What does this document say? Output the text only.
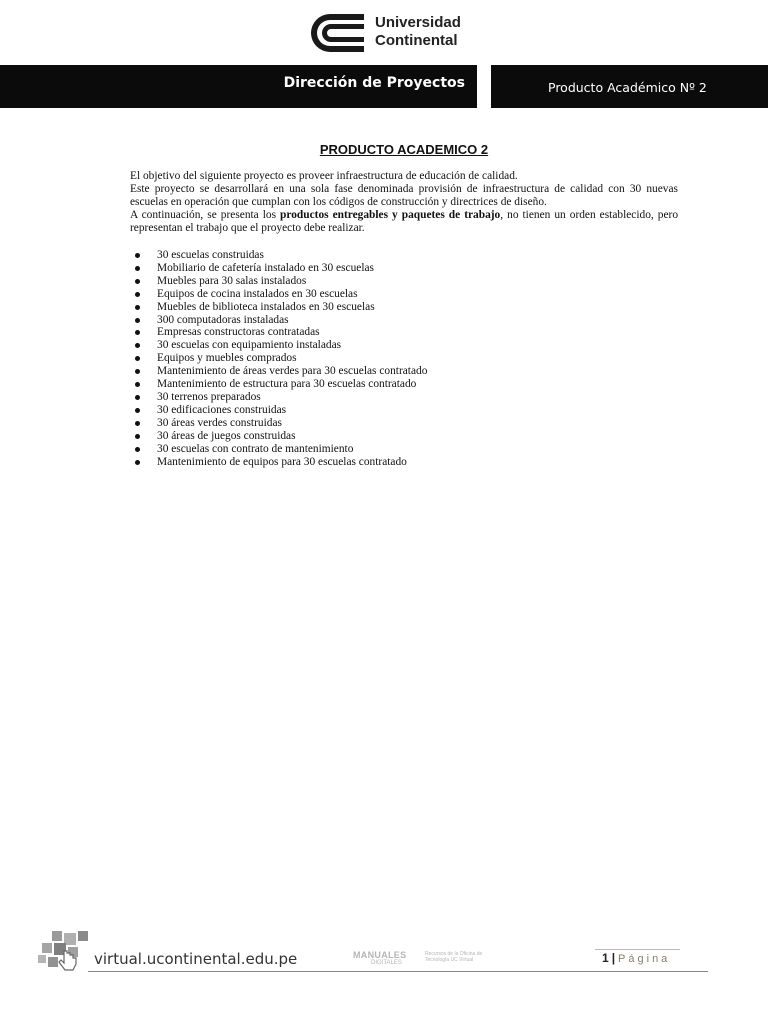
Universidad
Continental
Dirección de Proyectos	Producto Académico Nº 2
PRODUCTO ACADEMICO 2

El objetivo del siguiente proyecto es proveer infraestructura de educación de calidad.

Este proyecto se desarrollará en una sola fase denominada provisión de infraestructura de calidad con 30 nuevas escuelas en operación que cumplan con los códigos de construcción y directrices de diseño.

A continuación, se presenta los productos entregables y paquetes de trabajo, no tienen un orden establecido, pero representan el trabajo que el proyecto debe realizar.

30 escuelas construidas
Mobiliario de cafetería instalado en 30 escuelas
Muebles para 30 salas instalados
Equipos de cocina instalados en 30 escuelas
Muebles de biblioteca instalados en 30 escuelas
300 computadoras instaladas
Empresas constructoras contratadas
30 escuelas con equipamiento instaladas
Equipos y muebles comprados
Mantenimiento de áreas verdes para 30 escuelas contratado
Mantenimiento de estructura para 30 escuelas contratado
30 terrenos preparados
30 edificaciones construidas
30 áreas verdes construidas
30 áreas de juegos construidas
30 escuelas con contrato de mantenimiento
Mantenimiento de equipos para 30 escuelas contratado
virtual.ucontinental.edu.pe	MANUALES
DIGITALES
Recursos de la Oficina de Tecnología UC Virtual	1 | Página
